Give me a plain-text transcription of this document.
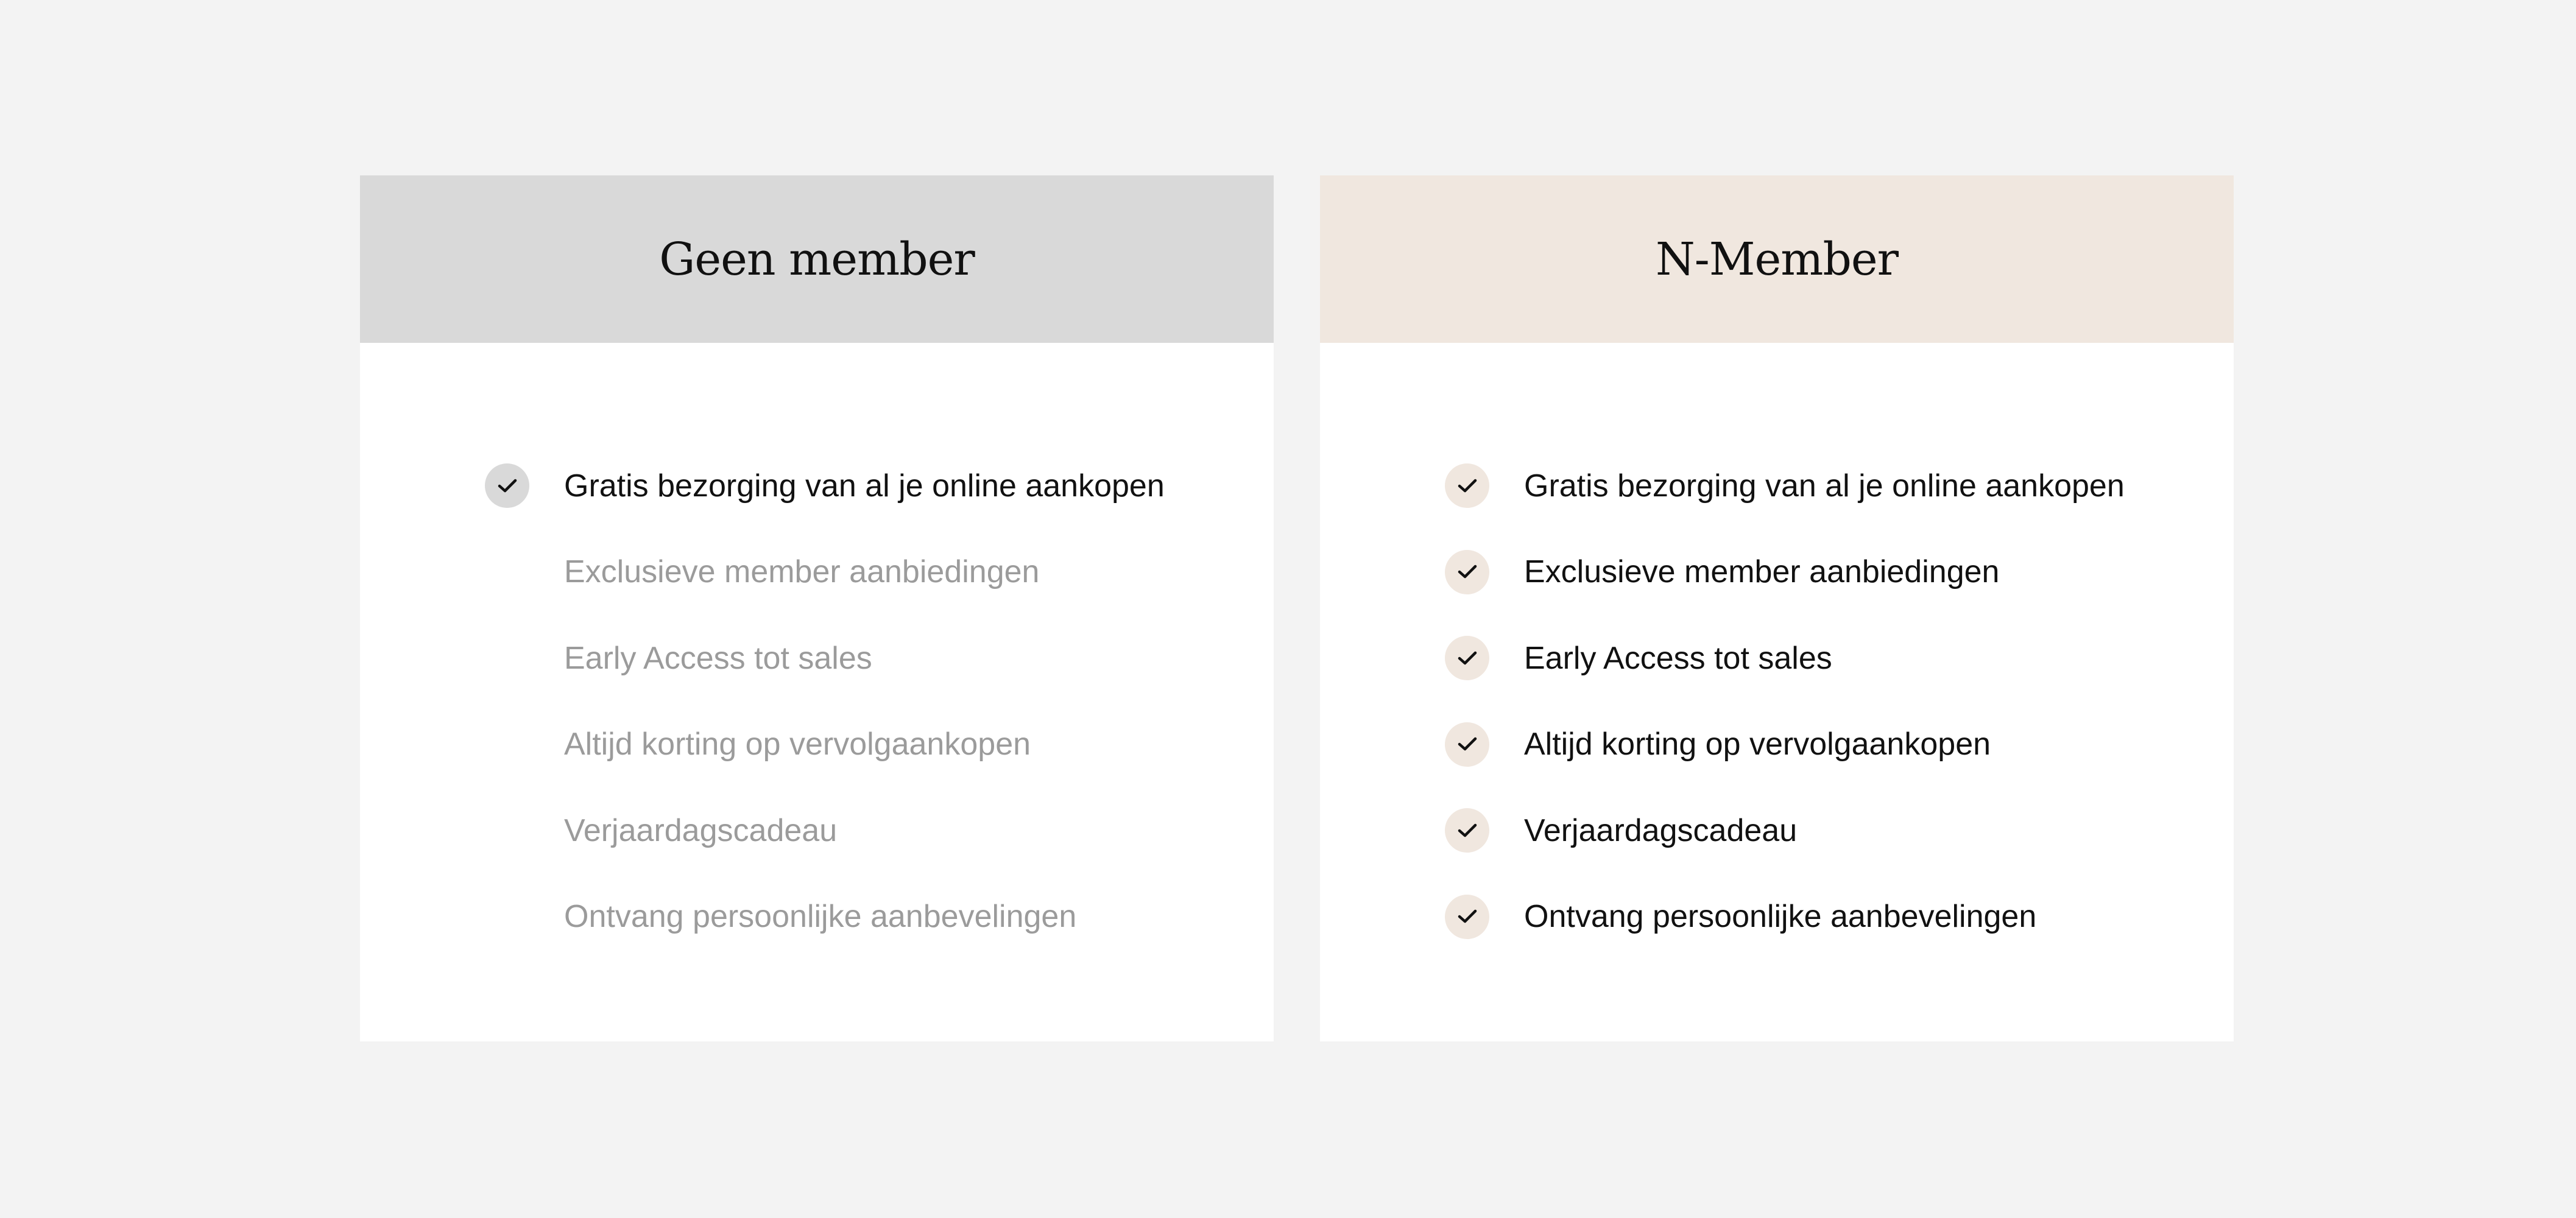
Geen member
Gratis bezorging van al je online aankopen
Exclusieve member aanbiedingen
Early Access tot sales
Altijd korting op vervolgaankopen
Verjaardagscadeau
Ontvang persoonlijke aanbevelingen
N-Member
Gratis bezorging van al je online aankopen
Exclusieve member aanbiedingen
Early Access tot sales
Altijd korting op vervolgaankopen
Verjaardagscadeau
Ontvang persoonlijke aanbevelingen
